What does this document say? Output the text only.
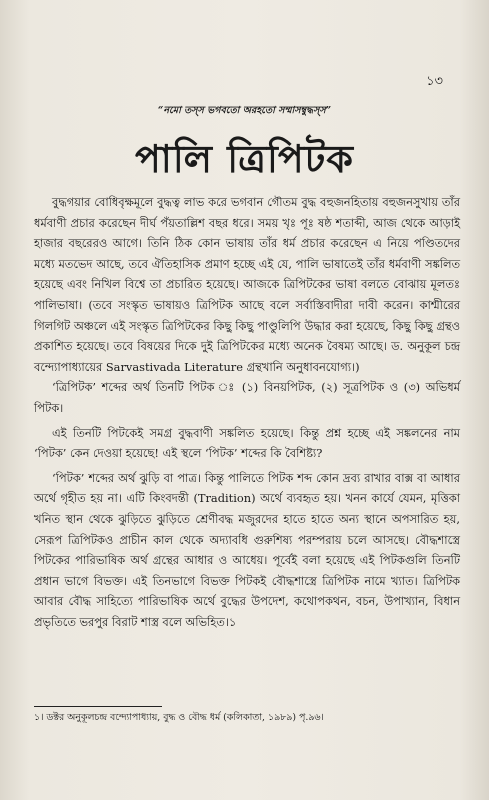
১৩
“নমো তস্‌স ভগবতো অরহতো সম্মাসম্বুদ্ধস্‌স”
পালি ত্রিপিটক

বুদ্ধগয়ার বোধিবৃক্ষমূলে বুদ্ধত্ব লাভ করে ভগবান গৌতম বুদ্ধ বহুজনহিতায় বহুজনসুখায় তাঁর ধর্মবাণী প্রচার করেছেন দীর্ঘ পঁয়তাল্লিশ বছর ধরে। সময় খৃঃ পূঃ ষষ্ঠ শতাব্দী, আজ থেকে আড়াই হাজার বছরেরও আগে। তিনি ঠিক কোন ভাষায় তাঁর ধর্ম প্রচার করেছেন এ নিয়ে পণ্ডিতদের মধ্যে মতভেদ আছে, তবে ঐতিহাসিক প্রমাণ হচ্ছে এই যে, পালি ভাষাতেই তাঁর ধর্মবাণী সঙ্কলিত হয়েছে এবং নিখিল বিশ্বে তা প্রচারিত হয়েছে। আজকে ত্রিপিটকের ভাষা বলতে বোঝায় মূলতঃ পালিভাষা। (তবে সংস্কৃত ভাষায়ও ত্রিপিটক আছে বলে সর্বাস্তিবাদীরা দাবী করেন। কাশ্মীরের গিলগিট অঞ্চলে এই সংস্কৃত ত্রিপিটকের কিছু কিছু পাণ্ডুলিপি উদ্ধার করা হয়েছে, কিছু কিছু গ্রন্থও প্রকাশিত হয়েছে। তবে বিষয়ের দিকে দুই ত্রিপিটকের মধ্যে অনেক বৈষম্য আছে। ড. অনুকূল চন্দ্র বন্দ্যোপাধ্যায়ের Sarvastivada Literature গ্রন্থখানি অনুধাবনযোগ্য।)

‘ত্রিপিটক’ শব্দের অর্থ তিনটি পিটক ঃ (১) বিনয়পিটক, (২) সূত্রপিটক ও (৩) অভিধর্ম পিটক।

এই তিনটি পিটকেই সমগ্র বুদ্ধবাণী সঙ্কলিত হয়েছে। কিন্তু প্রশ্ন হচ্ছে এই সঙ্কলনের নাম ‘পিটক’ কেন দেওয়া হয়েছে! এই স্থলে ‘পিটক’ শব্দের কি বৈশিষ্ট্য?

‘পিটক’ শব্দের অর্থ ঝুড়ি বা পাত্র। কিন্তু পালিতে পিটক শব্দ কোন দ্রব্য রাখার বাক্স বা আধার অর্থে গৃহীত হয় না। এটি কিংবদন্তী (Tradition) অর্থে ব্যবহৃত হয়। খনন কার্যে যেমন, মৃত্তিকা খনিত স্থান থেকে ঝুড়িতে ঝুড়িতে শ্রেণীবদ্ধ মজুরদের হাতে হাতে অন্য স্থানে অপসারিত হয়, সেরূপ ত্রিপিটকও প্রাচীন কাল থেকে অদ্যাবধি গুরুশিষ্য পরম্পরায় চলে আসছে। বৌদ্ধশাস্ত্রে পিটকের পারিভাষিক অর্থ গ্রন্থের আধার ও আধেয়। পূর্বেই বলা হয়েছে এই পিটকগুলি তিনটি প্রধান ভাগে বিভক্ত। এই তিনভাগে বিভক্ত পিটকই বৌদ্ধশাস্ত্রে ত্রিপিটক নামে খ্যাত। ত্রিপিটক আবার বৌদ্ধ সাহিত্যে পারিভাষিক অর্থে বুদ্ধের উপদেশ, কথোপকথন, বচন, উপাখ্যান, বিধান প্রভৃতিতে ভরপুর বিরাট শাস্ত্র বলে অভিহিত।১

১। ডক্টর অনুকূলচন্দ্র বন্দ্যোপাধ্যায়, বুদ্ধ ও বৌদ্ধ ধর্ম (কলিকাতা, ১৯৮৯) পৃ.৯৬।
